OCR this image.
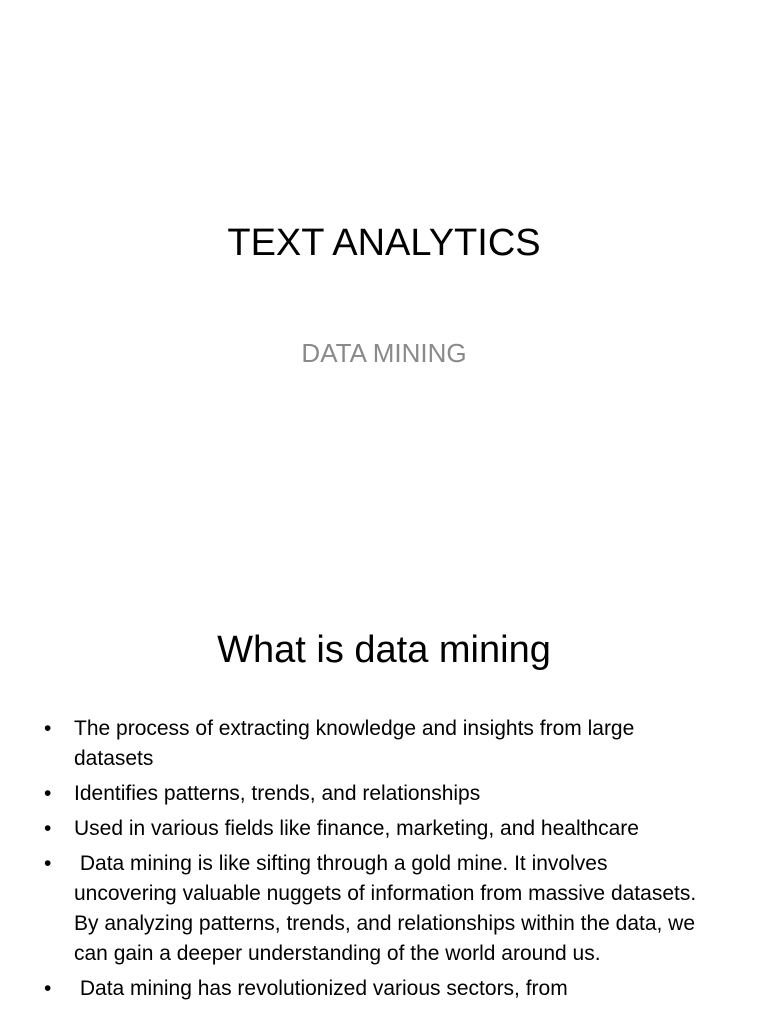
TEXT ANALYTICS
DATA MINING
What is data mining
• The process of extracting knowledge and insights from large datasets
• Identifies patterns, trends, and relationships
• Used in various fields like finance, marketing, and healthcare
• Data mining is like sifting through a gold mine. It involves uncovering valuable nuggets of information from massive datasets. By analyzing patterns, trends, and relationships within the data, we can gain a deeper understanding of the world around us.
• Data mining has revolutionized various sectors, from
